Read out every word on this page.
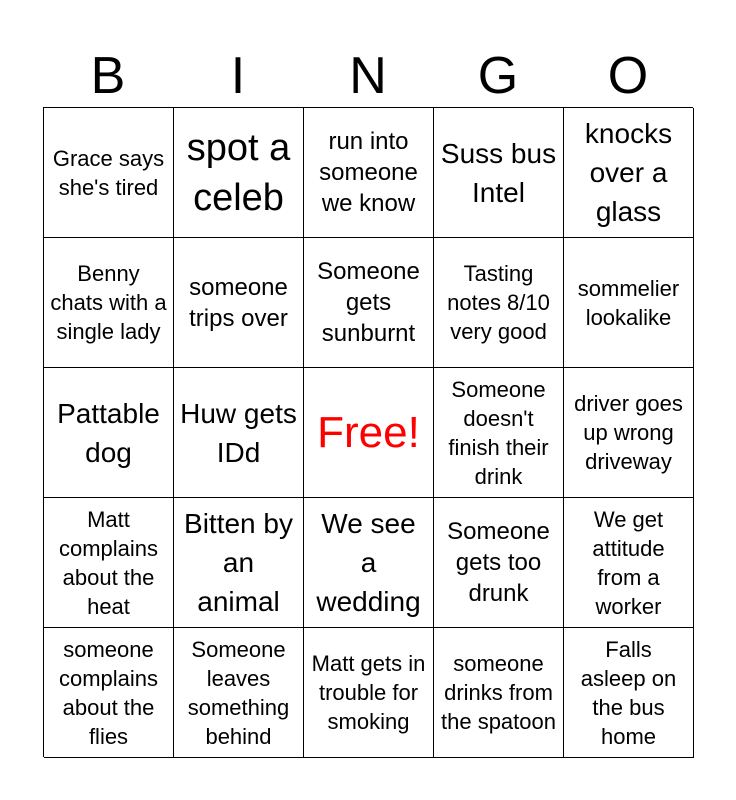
B	I	N	G	O
Grace says she's tired
spot a celeb
run into someone we know
Suss bus Intel
knocks over a glass
Benny chats with a single lady
someone trips over
Someone gets sunburnt
Tasting notes 8/10 very good
sommelier lookalike
Pattable dog
Huw gets IDd	Free!
Someone doesn't finish their drink
driver goes up wrong driveway
Matt complains about the heat
Bitten by an animal
We see a wedding
Someone gets too drunk
We get attitude from a worker
someone complains about the flies
Someone leaves something behind
Matt gets in trouble for smoking
someone drinks from the spatoon
Falls asleep on the bus home
